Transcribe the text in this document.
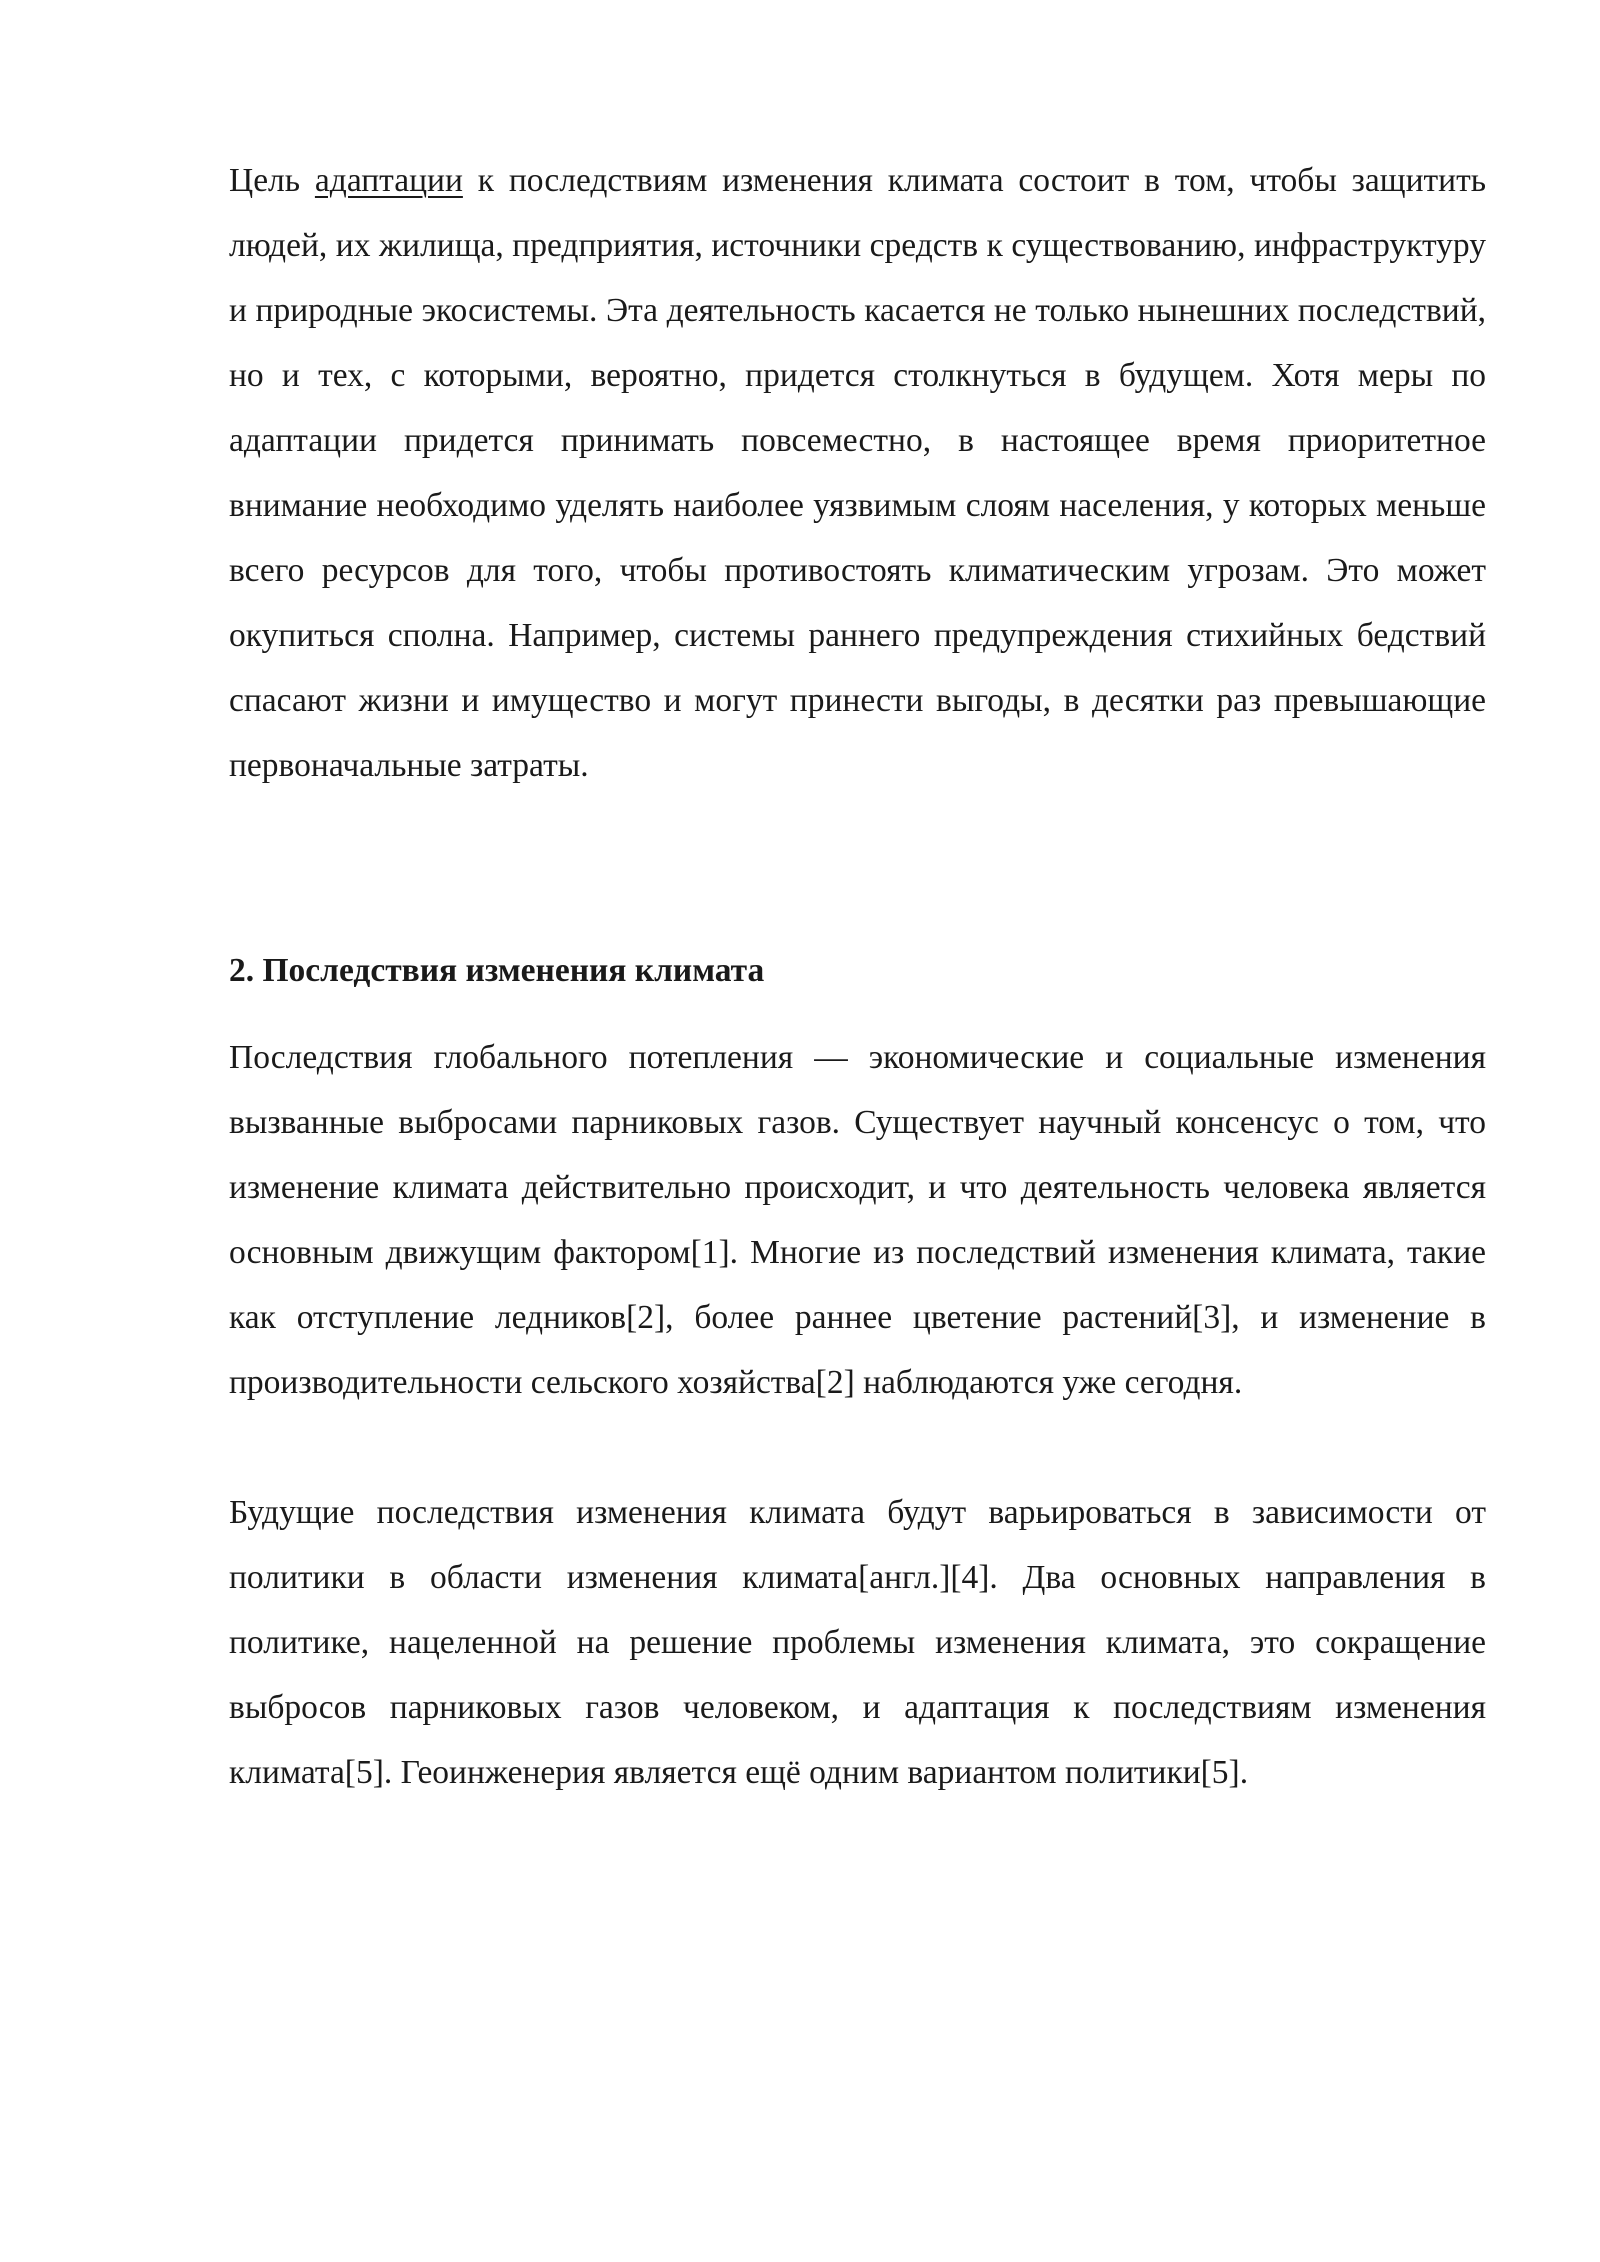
Цель адаптации к последствиям изменения климата состоит в том, чтобы защитить людей, их жилища, предприятия, источники средств к существованию, инфраструктуру и природные экосистемы. Эта деятельность касается не только нынешних последствий, но и тех, с которыми, вероятно, придется столкнуться в будущем. Хотя меры по адаптации придется принимать повсеместно, в настоящее время приоритетное внимание необходимо уделять наиболее уязвимым слоям населения, у которых меньше всего ресурсов для того, чтобы противостоять климатическим угрозам. Это может окупиться сполна. Например, системы раннего предупреждения стихийных бедствий спасают жизни и имущество и могут принести выгоды, в десятки раз превышающие первоначальные затраты.

2. Последствия изменения климата

Последствия глобального потепления — экономические и социальные изменения вызванные выбросами парниковых газов. Существует научный консенсус о том, что изменение климата действительно происходит, и что деятельность человека является основным движущим фактором[1]. Многие из последствий изменения климата, такие как отступление ледников[2], более раннее цветение растений[3], и изменение в производительности сельского хозяйства[2] наблюдаются уже сегодня.

Будущие последствия изменения климата будут варьироваться в зависимости от политики в области изменения климата[англ.][4]. Два основных направления в политике, нацеленной на решение проблемы изменения климата, это сокращение выбросов парниковых газов человеком, и адаптация к последствиям изменения климата[5]. Геоинженерия является ещё одним вариантом политики[5].
